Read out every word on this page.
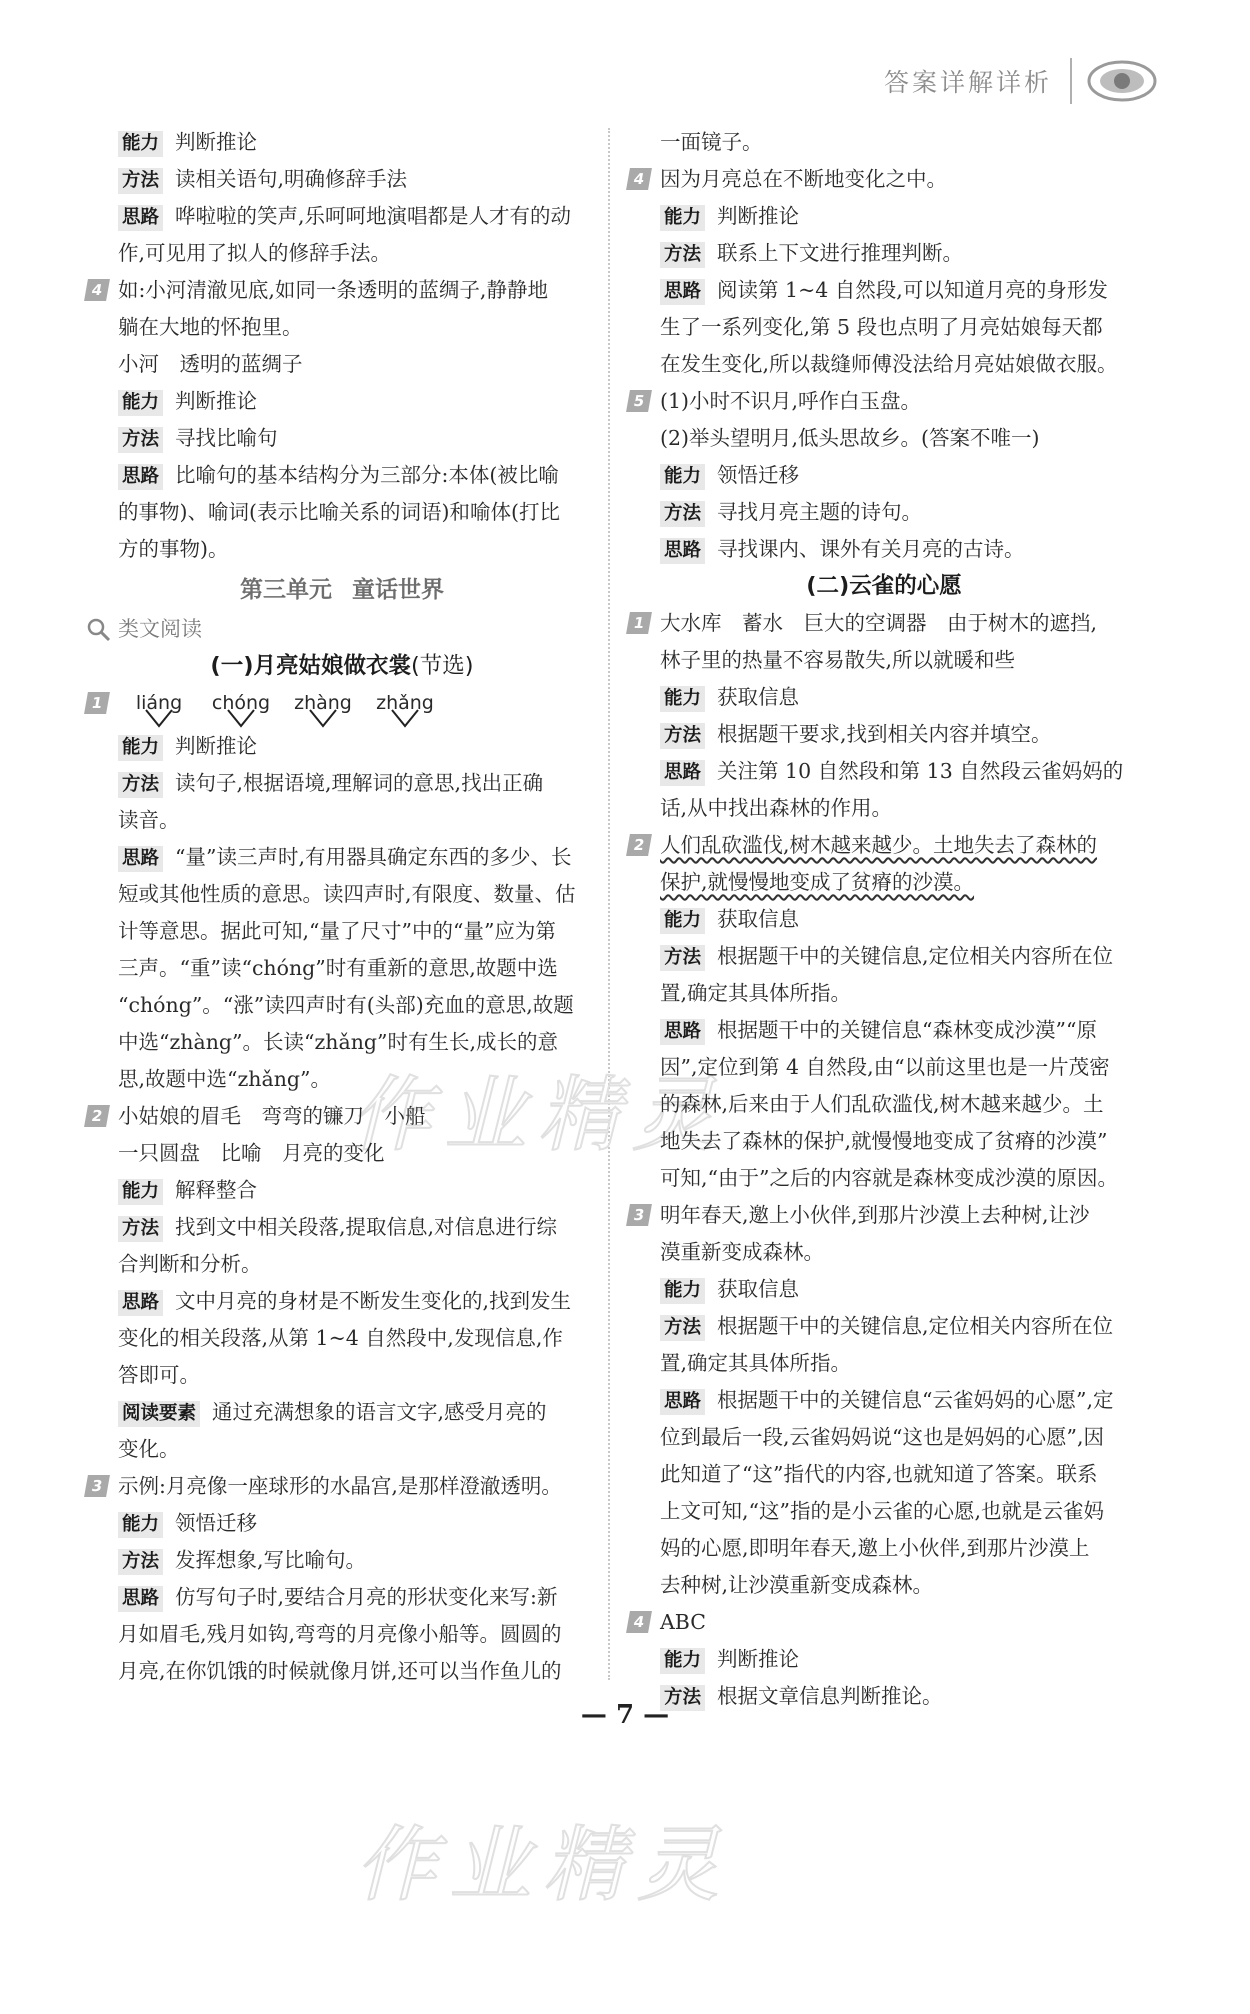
答案详解详析
作业精灵
作业精灵
能力 判断推论
方法 读相关语句,明确修辞手法
思路 哗啦啦的笑声,乐呵呵地演唱都是人才有的动
作,可见用了拟人的修辞手法。
4 如:小河清澈见底,如同一条透明的蓝绸子,静静地
躺在大地的怀抱里。
小河　透明的蓝绸子
能力 判断推论
方法 寻找比喻句
思路 比喻句的基本结构分为三部分:本体(被比喻
的事物)、喻词(表示比喻关系的词语)和喻体(打比
方的事物)。
第三单元 童话世界
类文阅读
(一)月亮姑娘做衣裳(节选)
1	liáng	chóng	zhàng	zhǎng
能力 判断推论
方法 读句子,根据语境,理解词的意思,找出正确
读音。
思路 “量”读三声时,有用器具确定东西的多少、长
短或其他性质的意思。读四声时,有限度、数量、估
计等意思。据此可知,“量了尺寸”中的“量”应为第
三声。“重”读“chóng”时有重新的意思,故题中选
“chóng”。“涨”读四声时有(头部)充血的意思,故题
中选“zhàng”。长读“zhǎng”时有生长,成长的意
思,故题中选“zhǎng”。
2 小姑娘的眉毛　弯弯的镰刀　小船
一只圆盘　比喻　月亮的变化
能力 解释整合
方法 找到文中相关段落,提取信息,对信息进行综
合判断和分析。
思路 文中月亮的身材是不断发生变化的,找到发生
变化的相关段落,从第 1~4 自然段中,发现信息,作
答即可。
阅读要素 通过充满想象的语言文字,感受月亮的
变化。
3 示例:月亮像一座球形的水晶宫,是那样澄澈透明。
能力 领悟迁移
方法 发挥想象,写比喻句。
思路 仿写句子时,要结合月亮的形状变化来写:新
月如眉毛,残月如钩,弯弯的月亮像小船等。圆圆的
月亮,在你饥饿的时候就像月饼,还可以当作鱼儿的
一面镜子。
4 因为月亮总在不断地变化之中。
能力 判断推论
方法 联系上下文进行推理判断。
思路 阅读第 1~4 自然段,可以知道月亮的身形发
生了一系列变化,第 5 段也点明了月亮姑娘每天都
在发生变化,所以裁缝师傅没法给月亮姑娘做衣服。
5 (1)小时不识月,呼作白玉盘。
(2)举头望明月,低头思故乡。(答案不唯一)
能力 领悟迁移
方法 寻找月亮主题的诗句。
思路 寻找课内、课外有关月亮的古诗。
(二)云雀的心愿
1 大水库　蓄水　巨大的空调器　由于树木的遮挡,
林子里的热量不容易散失,所以就暖和些
能力 获取信息
方法 根据题干要求,找到相关内容并填空。
思路 关注第 10 自然段和第 13 自然段云雀妈妈的
话,从中找出森林的作用。
2 人们乱砍滥伐,树木越来越少。土地失去了森林的
保护,就慢慢地变成了贫瘠的沙漠。
能力 获取信息
方法 根据题干中的关键信息,定位相关内容所在位
置,确定其具体所指。
思路 根据题干中的关键信息“森林变成沙漠”“原
因”,定位到第 4 自然段,由“以前这里也是一片茂密
的森林,后来由于人们乱砍滥伐,树木越来越少。土
地失去了森林的保护,就慢慢地变成了贫瘠的沙漠”
可知,“由于”之后的内容就是森林变成沙漠的原因。
3 明年春天,邀上小伙伴,到那片沙漠上去种树,让沙
漠重新变成森林。
能力 获取信息
方法 根据题干中的关键信息,定位相关内容所在位
置,确定其具体所指。
思路 根据题干中的关键信息“云雀妈妈的心愿”,定
位到最后一段,云雀妈妈说“这也是妈妈的心愿”,因
此知道了“这”指代的内容,也就知道了答案。联系
上文可知,“这”指的是小云雀的心愿,也就是云雀妈
妈的心愿,即明年春天,邀上小伙伴,到那片沙漠上
去种树,让沙漠重新变成森林。
4 ABC
能力 判断推论
方法 根据文章信息判断推论。
— 7 —
